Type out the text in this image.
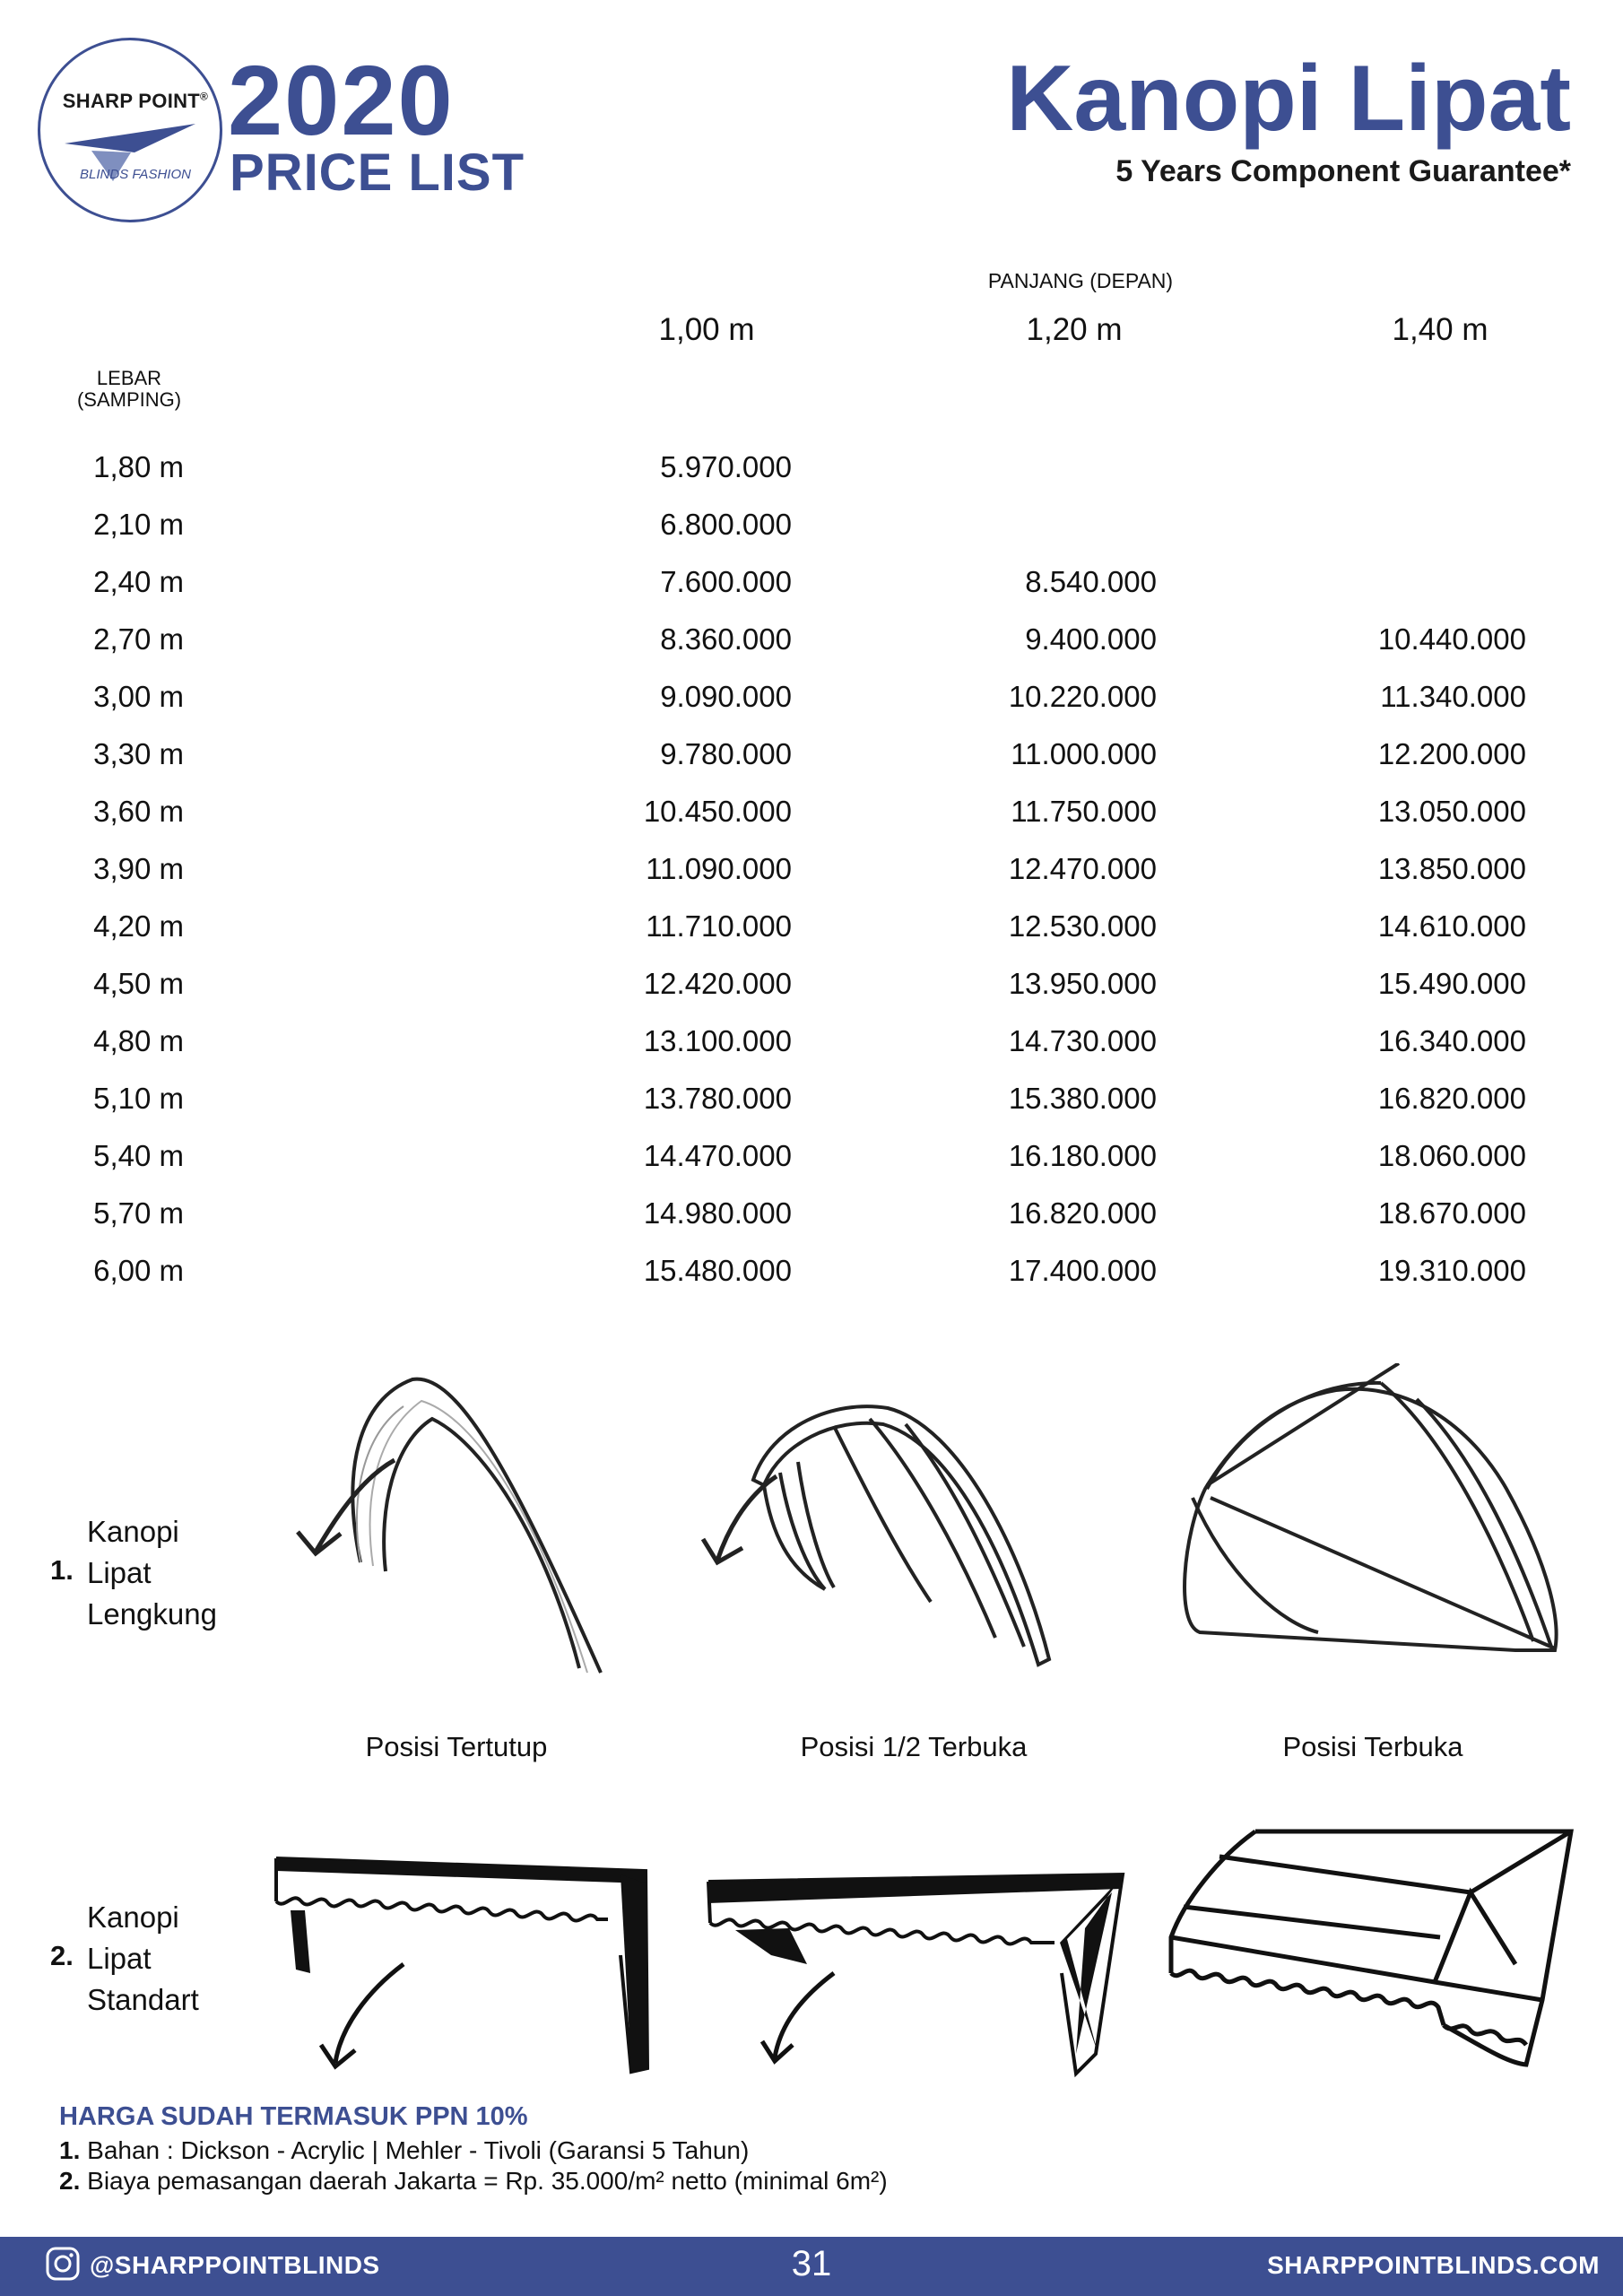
SHARP POINT®
BLINDS FASHION
2020
PRICE LIST
Kanopi Lipat
5 Years Component Guarantee*
PANJANG (DEPAN)
1,00 m	1,20 m	1,40 m
LEBAR
(SAMPING)
1,80 m	5.970.000
2,10 m	6.800.000
2,40 m	7.600.000	8.540.000
2,70 m	8.360.000	9.400.000	10.440.000
3,00 m	9.090.000	10.220.000	11.340.000
3,30 m	9.780.000	11.000.000	12.200.000
3,60 m	10.450.000	11.750.000	13.050.000
3,90 m	11.090.000	12.470.000	13.850.000
4,20 m	11.710.000	12.530.000	14.610.000
4,50 m	12.420.000	13.950.000	15.490.000
4,80 m	13.100.000	14.730.000	16.340.000
5,10 m	13.780.000	15.380.000	16.820.000
5,40 m	14.470.000	16.180.000	18.060.000
5,70 m	14.980.000	16.820.000	18.670.000
6,00 m	15.480.000	17.400.000	19.310.000
1.
Kanopi
Lipat
Lengkung
Posisi Tertutup	Posisi 1/2 Terbuka	Posisi Terbuka
2.
Kanopi
Lipat
Standart
HARGA SUDAH TERMASUK PPN 10%
1. Bahan : Dickson - Acrylic | Mehler - Tivoli (Garansi 5 Tahun)
2. Biaya pemasangan daerah Jakarta = Rp. 35.000/m² netto (minimal 6m²)
@SHARPPOINTBLINDS	31	SHARPPOINTBLINDS.COM
